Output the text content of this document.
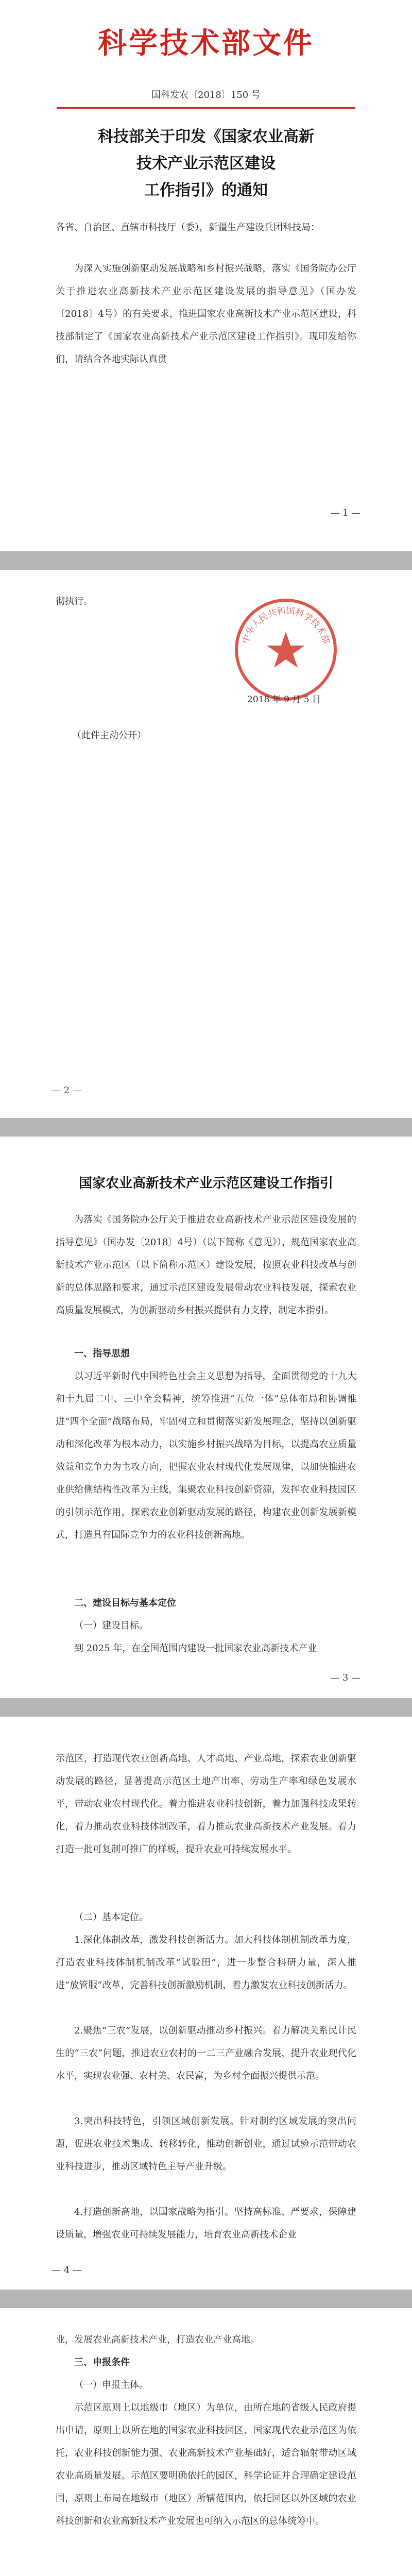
科学技术部文件
国科发农〔2018〕150 号
科技部关于印发《国家农业高新
技术产业示范区建设
工作指引》的通知
各省、自治区、直辖市科技厅（委），新疆生产建设兵团科技局：
为深入实施创新驱动发展战略和乡村振兴战略，落实《国务院办公厅关于推进农业高新技术产业示范区建设发展的指导意见》（国办发〔2018〕4号）的有关要求，推进国家农业高新技术产业示范区建设，科技部制定了《国家农业高新技术产业示范区建设工作指引》。现印发给你们，请结合各地实际认真贯
— 1 —
彻执行。
中华人民共和国科学技术部
2018 年 9 月 5 日
（此件主动公开）
— 2 —
国家农业高新技术产业示范区建设工作指引
为落实《国务院办公厅关于推进农业高新技术产业示范区建设发展的指导意见》（国办发〔2018〕4号）（以下简称《意见》），规范国家农业高新技术产业示范区（以下简称示范区）建设发展，按照农业科技改革与创新的总体思路和要求，通过示范区建设发展带动农业科技发展，探索农业高质量发展模式，为创新驱动乡村振兴提供有力支撑，制定本指引。
一、指导思想
以习近平新时代中国特色社会主义思想为指导，全面贯彻党的十九大和十九届二中、三中全会精神，统筹推进“五位一体”总体布局和协调推进“四个全面”战略布局，牢固树立和贯彻落实新发展理念，坚持以创新驱动和深化改革为根本动力，以实施乡村振兴战略为目标，以提高农业质量效益和竞争力为主攻方向，把握农业农村现代化发展规律，以加快推进农业供给侧结构性改革为主线，集聚农业科技创新资源，发挥农业科技园区的引领示范作用，探索农业创新驱动发展的路径，构建农业创新发展新模式，打造具有国际竞争力的农业科技创新高地。
二、建设目标与基本定位
（一）建设目标。
到 2025 年，在全国范围内建设一批国家农业高新技术产业
— 3 —
示范区，打造现代农业创新高地、人才高地、产业高地，探索农业创新驱动发展的路径，显著提高示范区土地产出率、劳动生产率和绿色发展水平，带动农业农村现代化。着力推进农业科技创新，着力加强科技成果转化，着力推动农业科技体制改革，着力推动农业高新技术产业发展。着力打造一批可复制可推广的样板，提升农业可持续发展水平。
（二）基本定位。
1.深化体制改革，激发科技创新活力。加大科技体制机制改革力度，打造农业科技体制机制改革“试验田”，进一步整合科研力量，深入推进“放管服”改革，完善科技创新激励机制，着力激发农业科技创新活力。
2.聚焦“三农”发展，以创新驱动推动乡村振兴。着力解决关系民计民生的“三农”问题，推进农业农村的一二三产业融合发展，提升农业现代化水平，实现农业强、农村美、农民富，为乡村全面振兴提供示范。
3.突出科技特色，引领区域创新发展。针对制约区域发展的突出问题，促进农业技术集成、转移转化，推动创新创业，通过试验示范带动农业科技进步，推动区域特色主导产业升级。
4.打造创新高地，以国家战略为指引。坚持高标准、严要求，保障建设质量，增强农业可持续发展能力，培育农业高新技术企业
— 4 —
业，发展农业高新技术产业，打造农业产业高地。
三、申报条件
（一）申报主体。
示范区原则上以地级市（地区）为单位，由所在地的省级人民政府提出申请，原则上以所在地的国家农业科技园区、国家现代农业示范区为依托，农业科技创新能力强、农业高新技术产业基础好，适合辐射带动区域农业高质量发展。示范区要明确依托的园区，科学论证并合理确定建设范围，原则上布局在地级市（地区）所辖范围内，依托园区以外区域的农业科技创新和农业高新技术产业发展也可纳入示范区的总体统筹中。
